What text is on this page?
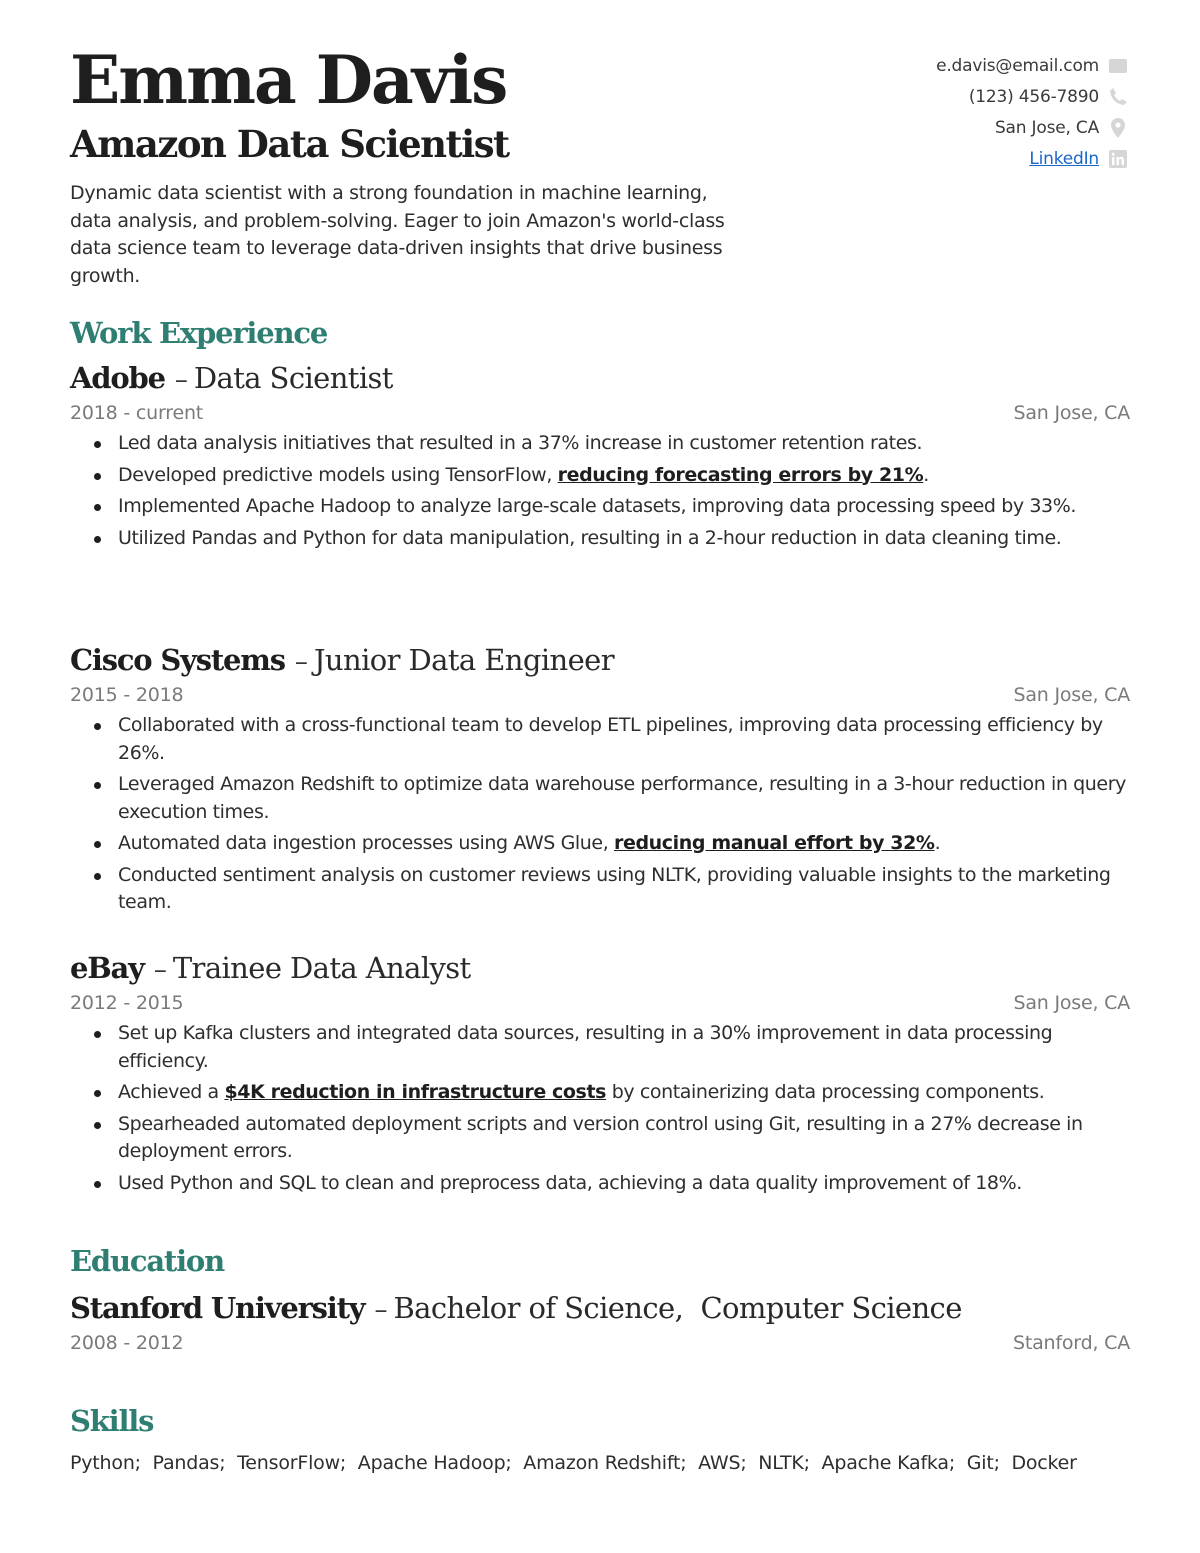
Emma Davis
Amazon Data Scientist
Dynamic data scientist with a strong foundation in machine learning, data analysis, and problem-solving. Eager to join Amazon's world-class data science team to leverage data-driven insights that drive business growth.
e.davis@email.com
(123) 456-7890
San Jose, CA
LinkedIn
Work Experience
Adobe – Data Scientist
2018 - current	San Jose, CA
Led data analysis initiatives that resulted in a 37% increase in customer retention rates.
Developed predictive models using TensorFlow, reducing forecasting errors by 21%.
Implemented Apache Hadoop to analyze large-scale datasets, improving data processing speed by 33%.
Utilized Pandas and Python for data manipulation, resulting in a 2-hour reduction in data cleaning time.
Cisco Systems – Junior Data Engineer
2015 - 2018	San Jose, CA
Collaborated with a cross-functional team to develop ETL pipelines, improving data processing efficiency by 26%.
Leveraged Amazon Redshift to optimize data warehouse performance, resulting in a 3-hour reduction in query execution times.
Automated data ingestion processes using AWS Glue, reducing manual effort by 32%.
Conducted sentiment analysis on customer reviews using NLTK, providing valuable insights to the marketing team.
eBay – Trainee Data Analyst
2012 - 2015	San Jose, CA
Set up Kafka clusters and integrated data sources, resulting in a 30% improvement in data processing efficiency.
Achieved a $4K reduction in infrastructure costs by containerizing data processing components.
Spearheaded automated deployment scripts and version control using Git, resulting in a 27% decrease in deployment errors.
Used Python and SQL to clean and preprocess data, achieving a data quality improvement of 18%.
Education
Stanford University – Bachelor of Science,  Computer Science
2008 - 2012	Stanford, CA
Skills
Python;  Pandas;  TensorFlow;  Apache Hadoop;  Amazon Redshift;  AWS;  NLTK;  Apache Kafka;  Git;  Docker
